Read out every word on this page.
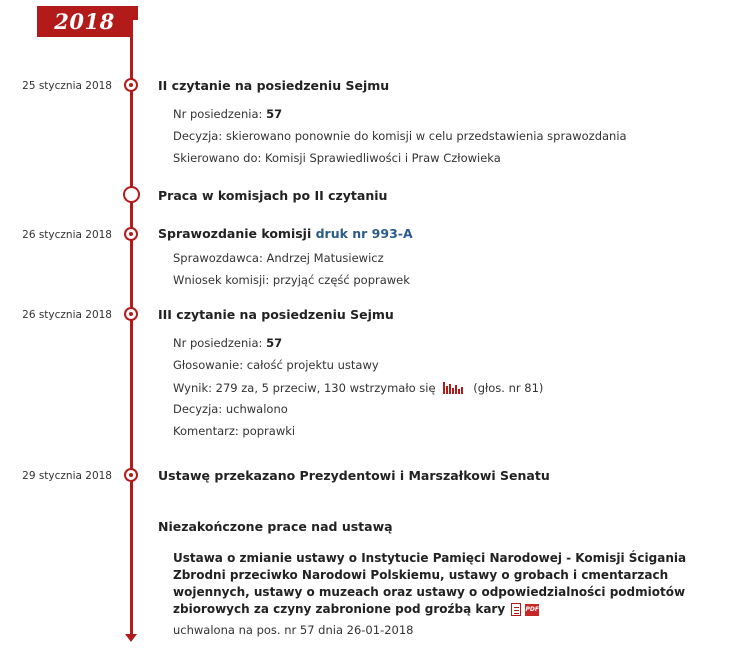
2018
25 stycznia 2018	II czytanie na posiedzeniu Sejmu
Nr posiedzenia: 57
Decyzja: skierowano ponownie do komisji w celu przedstawienia sprawozdania
Skierowano do: Komisji Sprawiedliwości i Praw Człowieka
Praca w komisjach po II czytaniu
26 stycznia 2018	Sprawozdanie komisji druk nr 993-A
Sprawozdawca: Andrzej Matusiewicz
Wniosek komisji: przyjąć część poprawek
26 stycznia 2018	III czytanie na posiedzeniu Sejmu
Nr posiedzenia: 57
Głosowanie: całość projektu ustawy
Wynik: 279 za, 5 przeciw, 130 wstrzymało się	(głos. nr 81)
Decyzja: uchwalono
Komentarz: poprawki
29 stycznia 2018	Ustawę przekazano Prezydentowi i Marszałkowi Senatu
Niezakończone prace nad ustawą
Ustawa o zmianie ustawy o Instytucie Pamięci Narodowej - Komisji Ścigania Zbrodni przeciwko Narodowi Polskiemu, ustawy o grobach i cmentarzach wojennych, ustawy o muzeach oraz ustawy o odpowiedzialności podmiotów zbiorowych za czyny zabronione pod groźbą kary	PDF
uchwalona na pos. nr 57 dnia 26-01-2018
